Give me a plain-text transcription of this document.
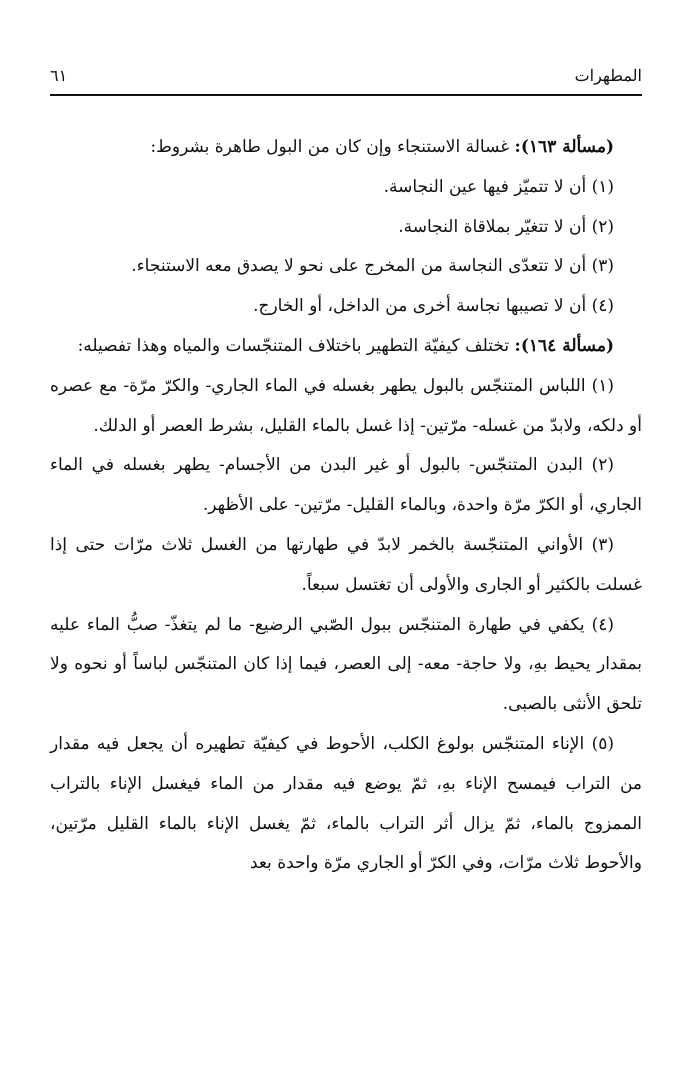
المطهرات
٦١

(مسألة ١٦٣): غسالة الاستنجاء وإن كان من البول طاهرة بشروط:

(١) أن لا تتميّز فيها عين النجاسة.

(٢) أن لا تتغيّر بملاقاة النجاسة.

(٣) أن لا تتعدّى النجاسة من المخرج على نحو لا يصدق معه الاستنجاء.

(٤) أن لا تصيبها نجاسة أخرى من الداخل، أو الخارج.

(مسألة ١٦٤): تختلف كيفيّة التطهير باختلاف المتنجّسات والمياه وهذا تفصيله:

(١) اللباس المتنجّس بالبول يطهر بغسله في الماء الجاري- والكرّ مرّة- مع عصره أو دلكه، ولابدّ من غسله- مرّتين- إذا غسل بالماء القليل، بشرط العصر أو الدلك.

(٢) البدن المتنجّس- بالبول أو غير البدن من الأجسام- يطهر بغسله في الماء الجاري، أو الكرّ مرّة واحدة، وبالماء القليل- مرّتين- على الأظهر.

(٣) الأواني المتنجّسة بالخمر لابدّ في طهارتها من الغسل ثلاث مرّات حتى إذا غسلت بالكثير أو الجارى والأولى أن تغتسل سبعاً.

(٤) يكفي في طهارة المتنجّس ببول الصّبي الرضيع- ما لم يتغذّ- صبُّ الماء عليه بمقدار يحيط بهِ، ولا حاجة- معه- إلى العصر، فيما إذا كان المتنجّس لباساً أو نحوه ولا تلحق الأنثى بالصبى.

(٥) الإناء المتنجّس بولوغ الكلب، الأحوط في كيفيّة تطهيره أن يجعل فيه مقدار من التراب فيمسح الإناء بهِ، ثمّ يوضع فيه مقدار من الماء فيغسل الإناء بالتراب الممزوج بالماء، ثمّ يزال أثر التراب بالماء، ثمّ يغسل الإناء بالماء القليل مرّتين، والأحوط ثلاث مرّات، وفي الكرّ أو الجاري مرّة واحدة بعد
